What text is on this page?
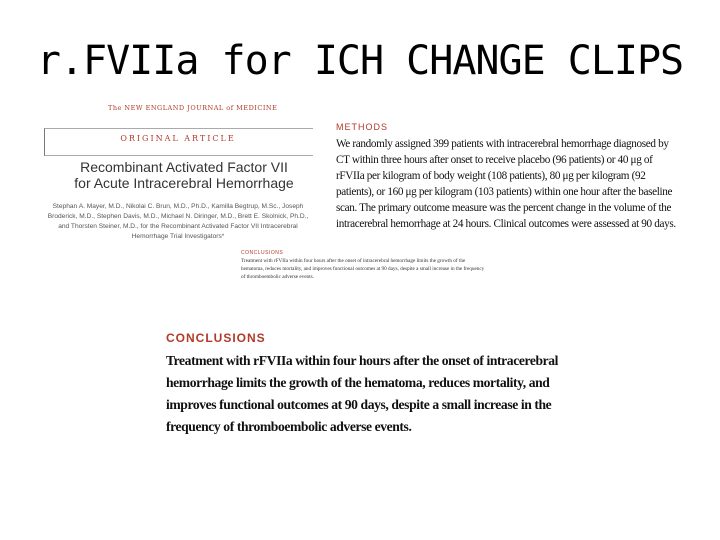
r.FVIIa for ICH CHANGE CLIPS
The NEW ENGLAND JOURNAL of MEDICINE
ORIGINAL ARTICLE
Recombinant Activated Factor VII for Acute Intracerebral Hemorrhage
Stephan A. Mayer, M.D., Nikolai C. Brun, M.D., Ph.D., Kamilla Begtrup, M.Sc., Joseph Broderick, M.D., Stephen Davis, M.D., Michael N. Diringer, M.D., Brett E. Skolnick, Ph.D., and Thorsten Steiner, M.D., for the Recombinant Activated Factor VII Intracerebral Hemorrhage Trial Investigators*
METHODS
We randomly assigned 399 patients with intracerebral hemorrhage diagnosed by CT within three hours after onset to receive placebo (96 patients) or 40 μg of rFVIIa per kilogram of body weight (108 patients), 80 μg per kilogram (92 patients), or 160 μg per kilogram (103 patients) within one hour after the baseline scan. The primary outcome measure was the percent change in the volume of the intracerebral hemorrhage at 24 hours. Clinical outcomes were assessed at 90 days.
CONCLUSIONS
Treatment with rFVIIa within four hours after the onset of intracerebral hemorrhage limits the growth of the hematoma, reduces mortality, and improves functional outcomes at 90 days, despite a small increase in the frequency of thromboembolic adverse events.
CONCLUSIONS
Treatment with rFVIIa within four hours after the onset of intracerebral hemorrhage limits the growth of the hematoma, reduces mortality, and improves functional outcomes at 90 days, despite a small increase in the frequency of thromboembolic adverse events.
